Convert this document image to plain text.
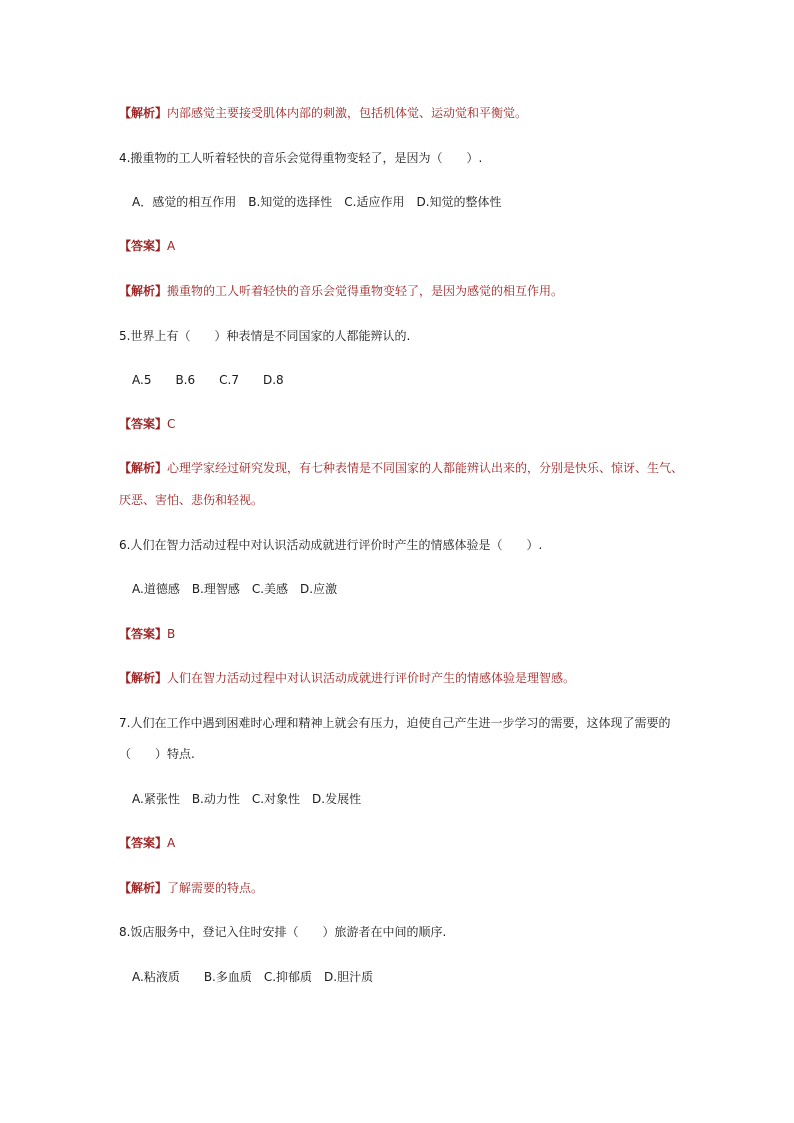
【解析】内部感觉主要接受肌体内部的刺激，包括机体觉、运动觉和平衡觉。
4.搬重物的工人听着轻快的音乐会觉得重物变轻了，是因为（　　）.
A．感觉的相互作用　B.知觉的选择性　C.适应作用　D.知觉的整体性
【答案】A
【解析】搬重物的工人听着轻快的音乐会觉得重物变轻了，是因为感觉的相互作用。
5.世界上有（　　）种表情是不同国家的人都能辨认的.
A.5　　B.6　　C.7　　D.8
【答案】C
【解析】心理学家经过研究发现，有七种表情是不同国家的人都能辨认出来的，分别是快乐、惊讶、生气、
厌恶、害怕、悲伤和轻视。
6.人们在智力活动过程中对认识活动成就进行评价时产生的情感体验是（　　）.
A.道德感　B.理智感　C.美感　D.应激
【答案】B
【解析】人们在智力活动过程中对认识活动成就进行评价时产生的情感体验是理智感。
7.人们在工作中遇到困难时心理和精神上就会有压力，迫使自己产生进一步学习的需要，这体现了需要的
（　　）特点.
A.紧张性　B.动力性　C.对象性　D.发展性
【答案】A
【解析】了解需要的特点。
8.饭店服务中，登记入住时安排（　　）旅游者在中间的顺序.
A.粘液质　　B.多血质　C.抑郁质　D.胆汁质
